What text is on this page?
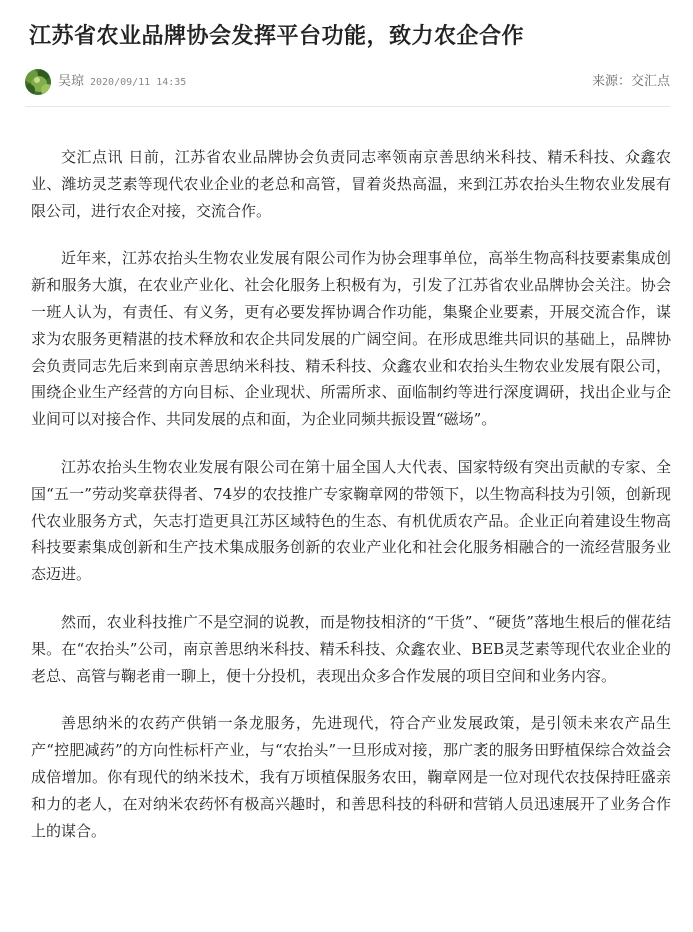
江苏省农业品牌协会发挥平台功能，致力农企合作
吴琼 2020/09/11 14:35	来源：交汇点

交汇点讯 日前，江苏省农业品牌协会负责同志率领南京善思纳米科技、精禾科技、众鑫农业、潍坊灵芝素等现代农业企业的老总和高管，冒着炎热高温，来到江苏农抬头生物农业发展有限公司，进行农企对接，交流合作。

近年来，江苏农抬头生物农业发展有限公司作为协会理事单位，高举生物高科技要素集成创新和服务大旗，在农业产业化、社会化服务上积极有为，引发了江苏省农业品牌协会关注。协会一班人认为，有责任、有义务，更有必要发挥协调合作功能，集聚企业要素，开展交流合作，谋求为农服务更精湛的技术释放和农企共同发展的广阔空间。在形成思维共同识的基础上，品牌协会负责同志先后来到南京善思纳米科技、精禾科技、众鑫农业和农抬头生物农业发展有限公司，围绕企业生产经营的方向目标、企业现状、所需所求、面临制约等进行深度调研，找出企业与企业间可以对接合作、共同发展的点和面，为企业同频共振设置“磁场”。

江苏农抬头生物农业发展有限公司在第十届全国人大代表、国家特级有突出贡献的专家、全国“五一”劳动奖章获得者、74岁的农技推广专家鞠章网的带领下，以生物高科技为引领，创新现代农业服务方式，矢志打造更具江苏区域特色的生态、有机优质农产品。企业正向着建设生物高科技要素集成创新和生产技术集成服务创新的农业产业化和社会化服务相融合的一流经营服务业态迈进。

然而，农业科技推广不是空洞的说教，而是物技相济的“干货”、“硬货”落地生根后的催花结果。在“农抬头”公司，南京善思纳米科技、精禾科技、众鑫农业、BEB灵芝素等现代农业企业的老总、高管与鞠老甫一聊上，便十分投机，表现出众多合作发展的项目空间和业务内容。

善思纳米的农药产供销一条龙服务，先进现代，符合产业发展政策，是引领未来农产品生产“控肥减药”的方向性标杆产业，与“农抬头”一旦形成对接，那广袤的服务田野植保综合效益会成倍增加。你有现代的纳米技术，我有万顷植保服务农田，鞠章网是一位对现代农技保持旺盛亲和力的老人，在对纳米农药怀有极高兴趣时，和善思科技的科研和营销人员迅速展开了业务合作上的谋合。
